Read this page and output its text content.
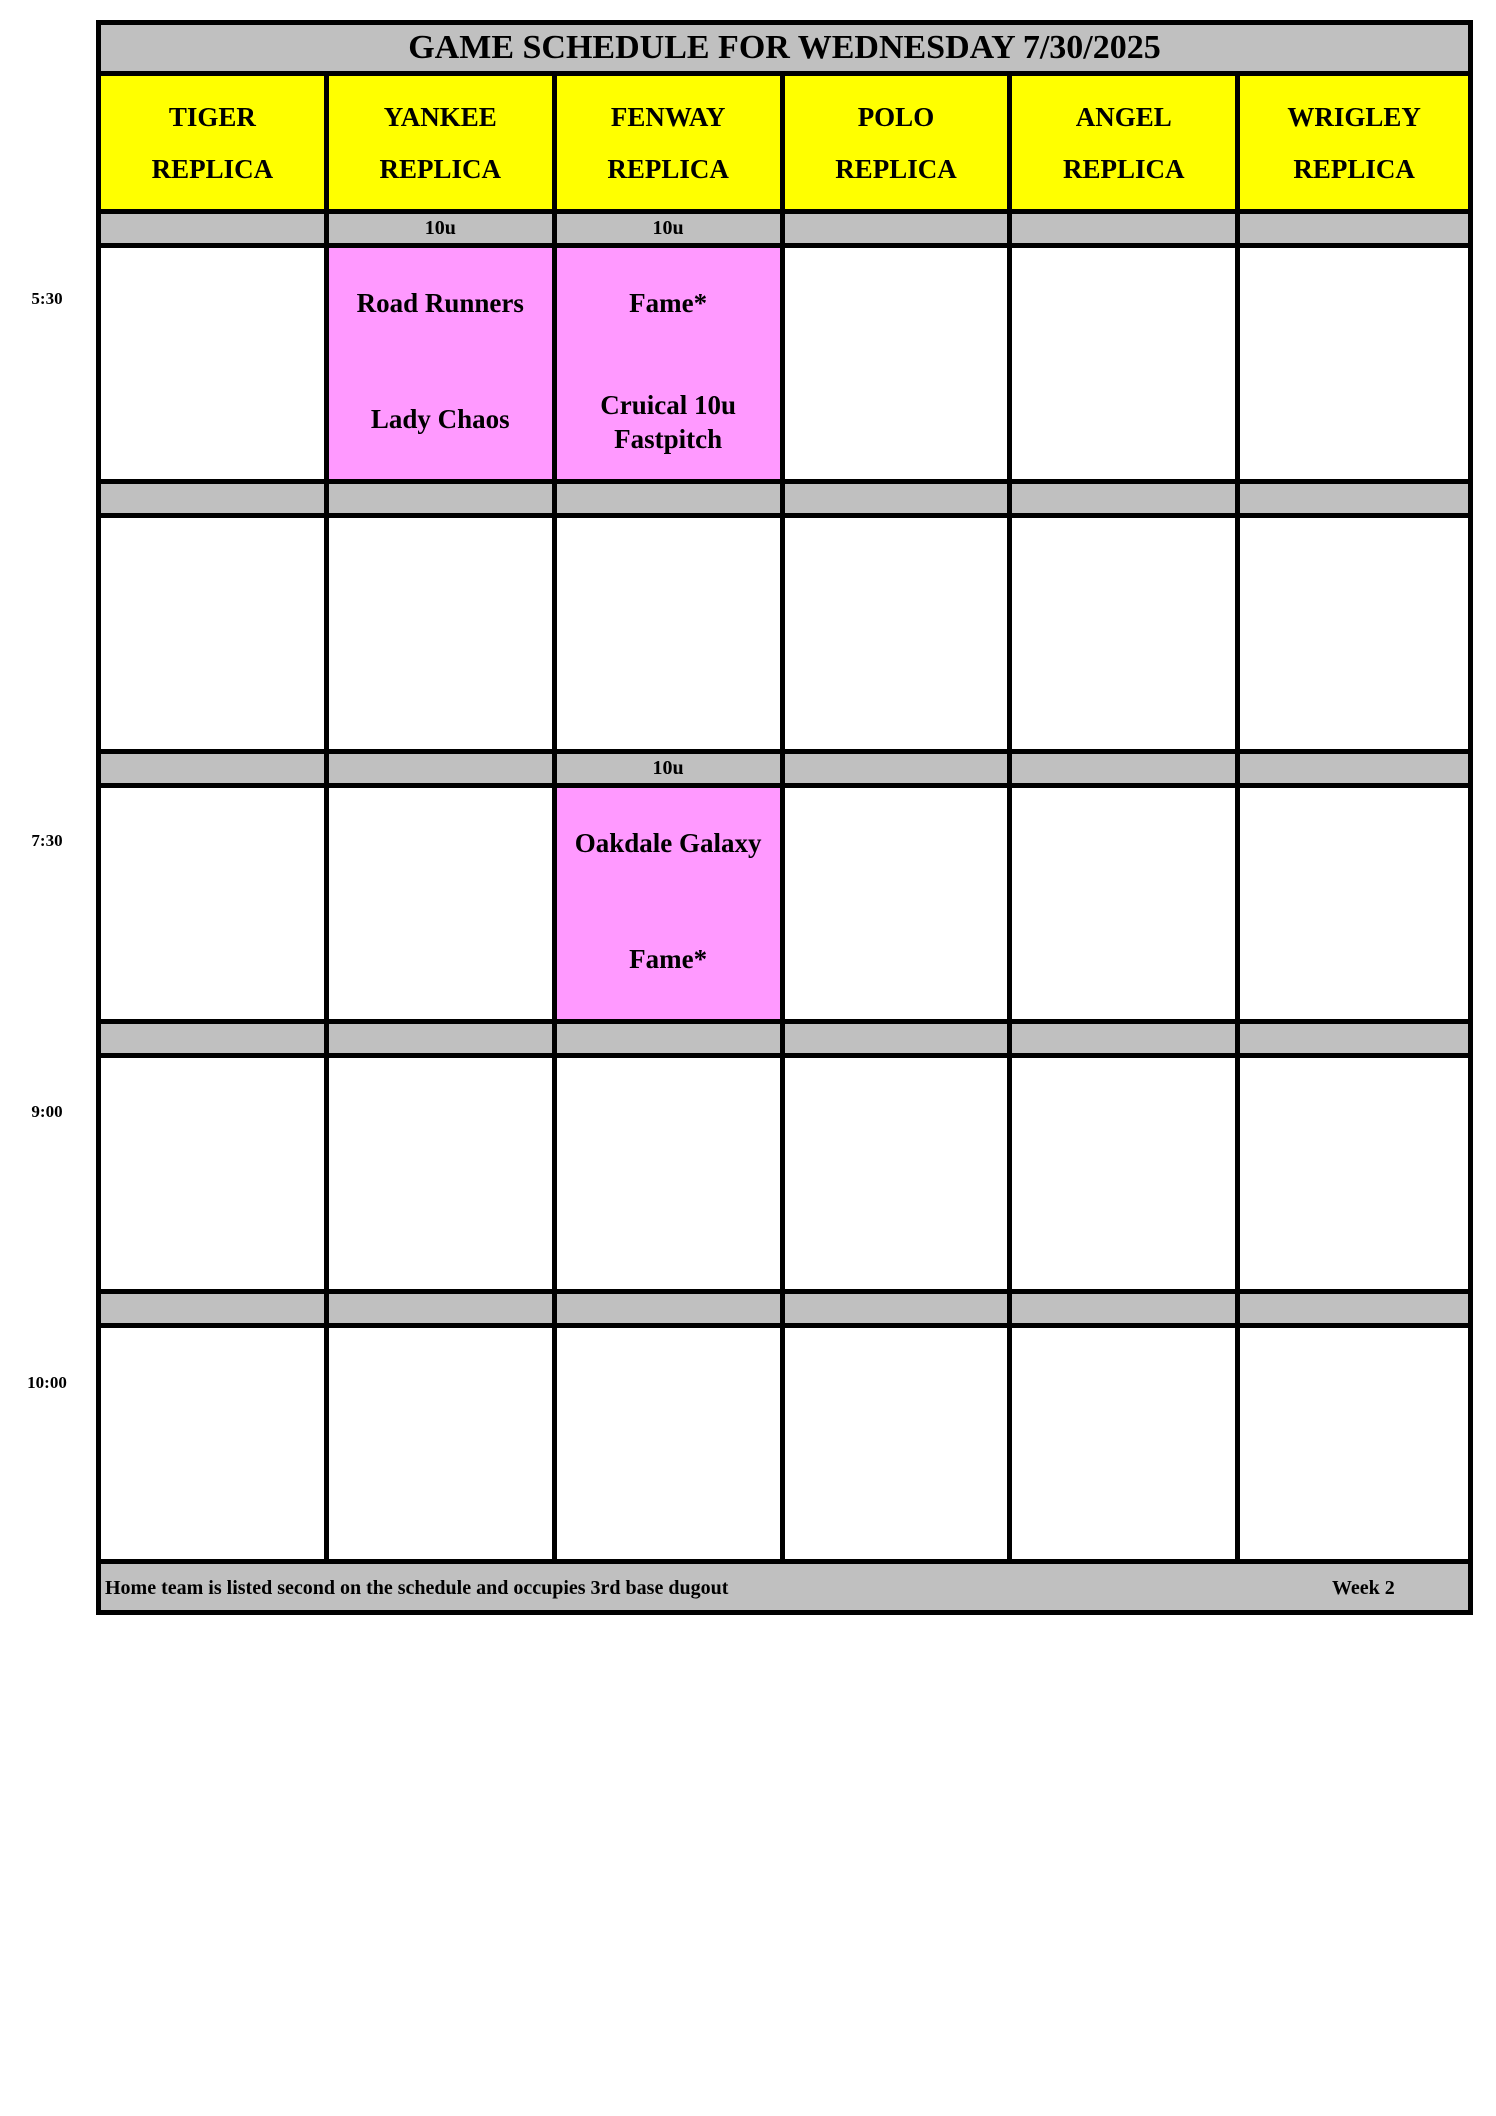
5:30
7:30
9:00
10:00
GAME SCHEDULE FOR WEDNESDAY 7/30/2025
TIGER
REPLICA
YANKEE
REPLICA
FENWAY
REPLICA
POLO
REPLICA
ANGEL
REPLICA
WRIGLEY
REPLICA
10u	10u
Road Runners
Lady Chaos
Fame*
Cruical 10u Fastpitch
10u
Oakdale Galaxy
Fame*
Home team is listed second on the schedule and occupies 3rd base dugout	Week 2
